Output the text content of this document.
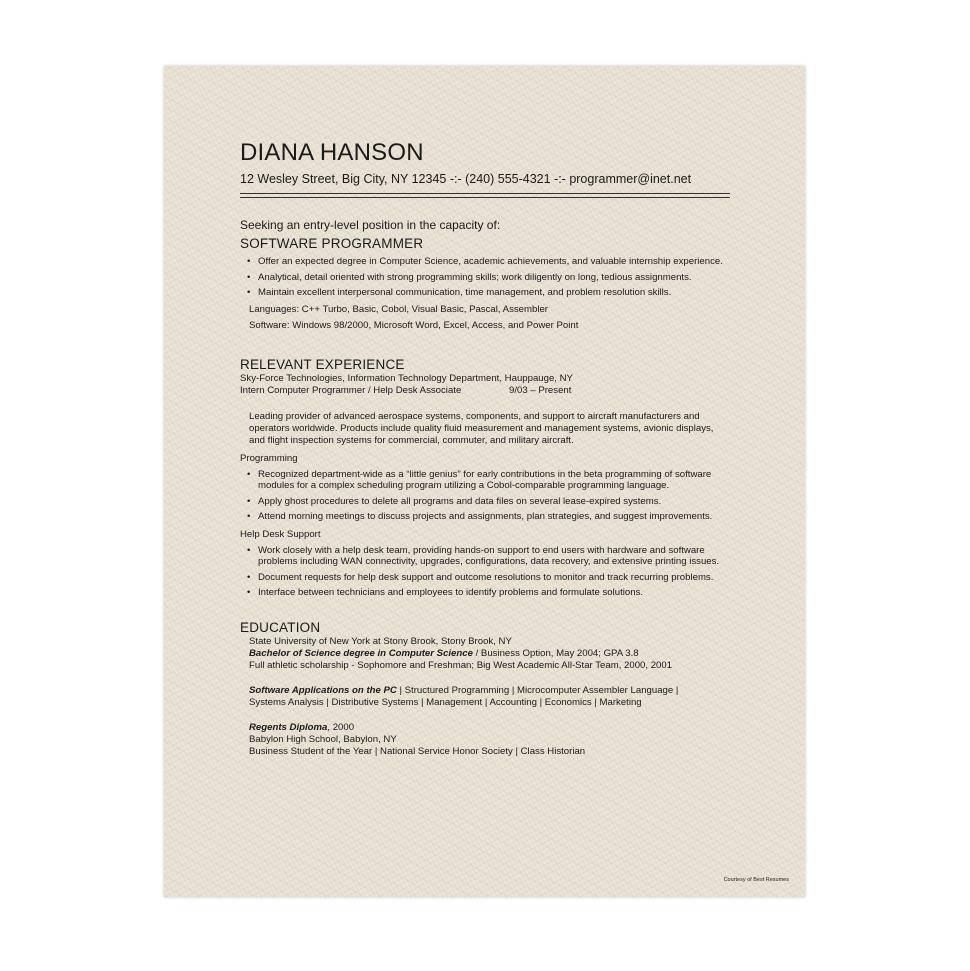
DIANA HANSON
12 Wesley Street, Big City, NY 12345 -:- (240) 555-4321 -:- programmer@inet.net
Seeking an entry-level position in the capacity of:
SOFTWARE PROGRAMMER
• Offer an expected degree in Computer Science, academic achievements, and valuable internship experience.
• Analytical, detail oriented with strong programming skills; work diligently on long, tedious assignments.
• Maintain excellent interpersonal communication, time management, and problem resolution skills.
Languages: C++ Turbo, Basic, Cobol, Visual Basic, Pascal, Assembler
Software: Windows 98/2000, Microsoft Word, Excel, Access, and Power Point
RELEVANT EXPERIENCE
Sky-Force Technologies, Information Technology Department, Hauppauge, NY
Intern Computer Programmer / Help Desk Associate	9/03 – Present
Leading provider of advanced aerospace systems, components, and support to aircraft manufacturers and operators worldwide. Products include quality fluid measurement and management systems, avionic displays, and flight inspection systems for commercial, commuter, and military aircraft.
Programming
• Recognized department-wide as a “little genius” for early contributions in the beta programming of software modules for a complex scheduling program utilizing a Cobol-comparable programming language.
• Apply ghost procedures to delete all programs and data files on several lease-expired systems.
• Attend morning meetings to discuss projects and assignments, plan strategies, and suggest improvements.
Help Desk Support
• Work closely with a help desk team, providing hands-on support to end users with hardware and software problems including WAN connectivity, upgrades, configurations, data recovery, and extensive printing issues.
• Document requests for help desk support and outcome resolutions to monitor and track recurring problems.
• Interface between technicians and employees to identify problems and formulate solutions.
EDUCATION
State University of New York at Stony Brook, Stony Brook, NY
Bachelor of Science degree in Computer Science / Business Option, May 2004; GPA 3.8
Full athletic scholarship - Sophomore and Freshman; Big West Academic All-Star Team, 2000, 2001
Software Applications on the PC | Structured Programming | Microcomputer Assembler Language |
Systems Analysis | Distributive Systems | Management | Accounting | Economics | Marketing
Regents Diploma, 2000
Babylon High School, Babylon, NY
Business Student of the Year | National Service Honor Society | Class Historian
Courtesy of Best Resumes
